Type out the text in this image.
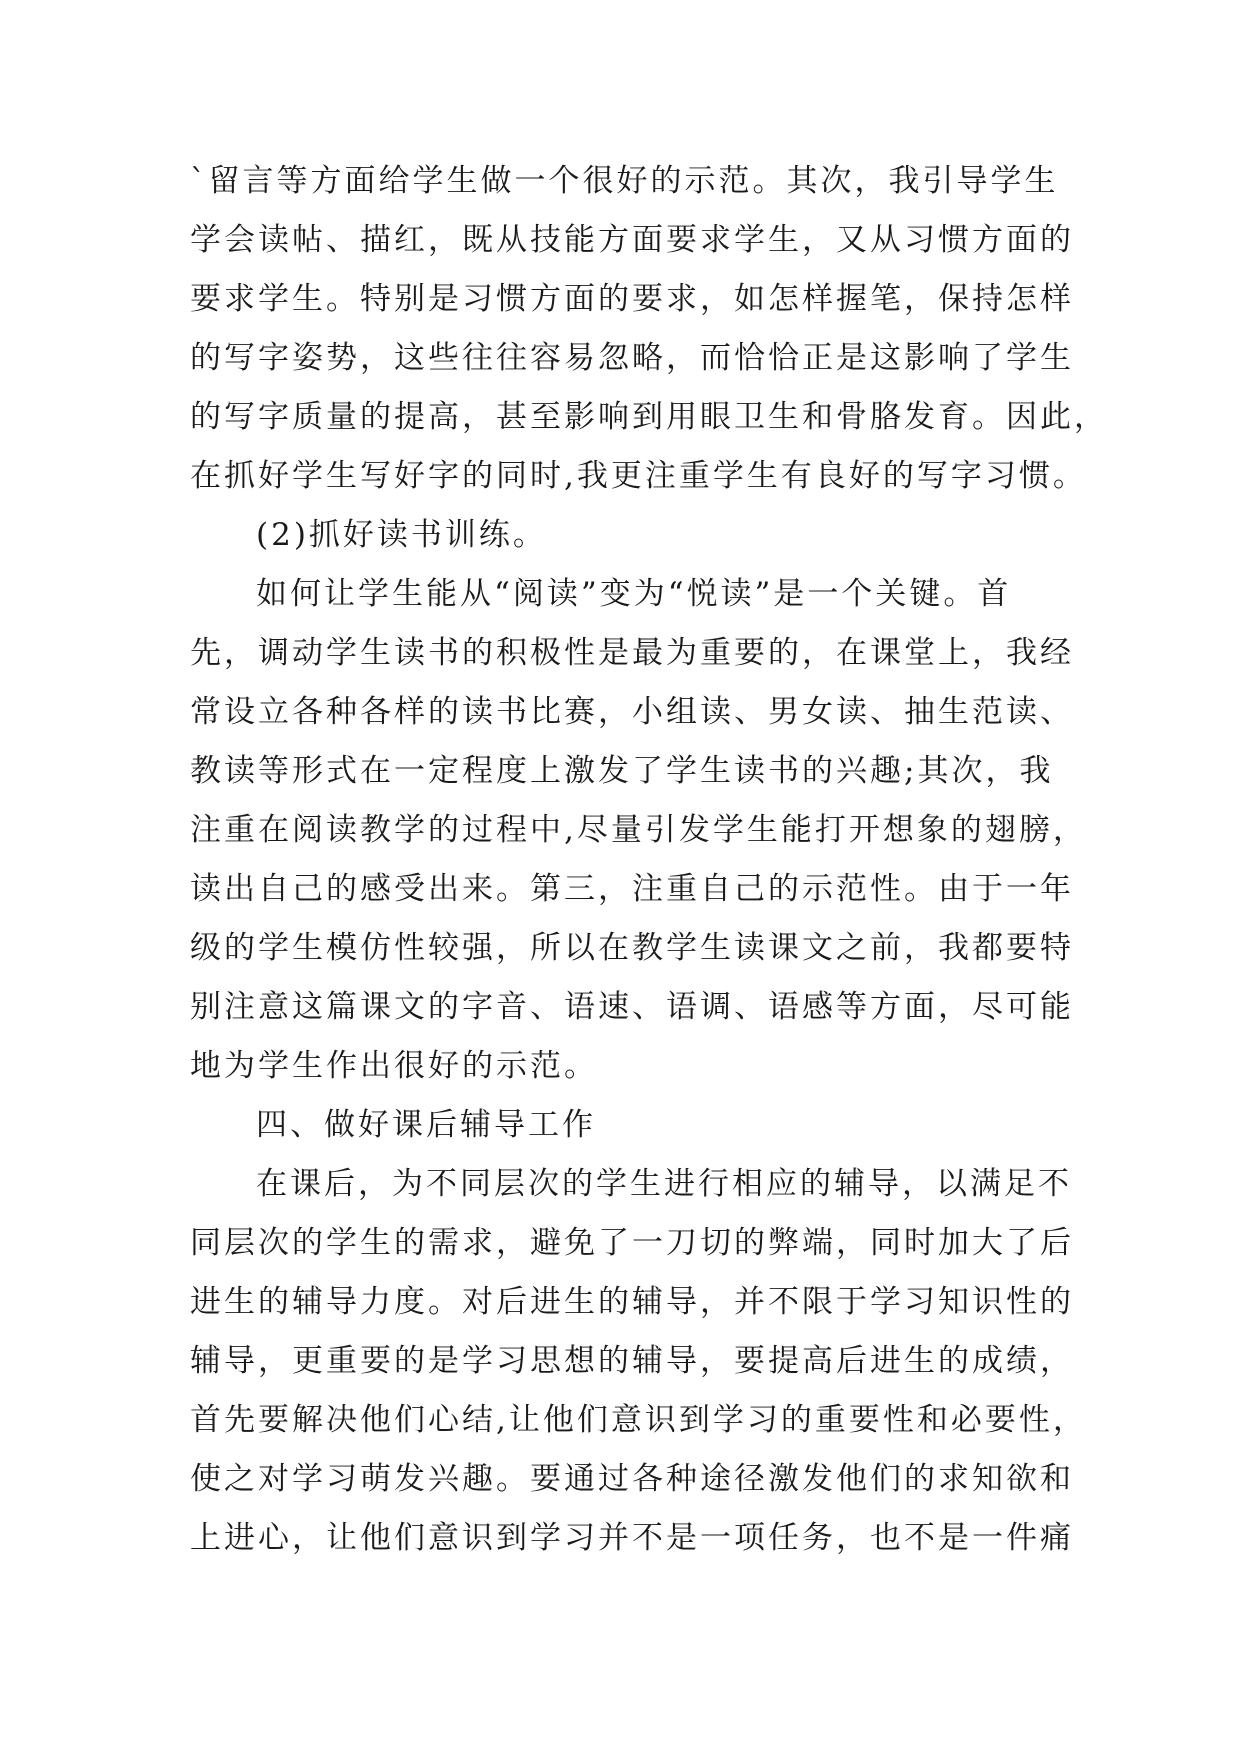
`留言等方面给学生做一个很好的示范。其次，我引导学生
学会读帖、描红，既从技能方面要求学生，又从习惯方面的
要求学生。特别是习惯方面的要求，如怎样握笔，保持怎样
的写字姿势，这些往往容易忽略，而恰恰正是这影响了学生
的写字质量的提高，甚至影响到用眼卫生和骨胳发育。因此，
在抓好学生写好字的同时,我更注重学生有良好的写字习惯。
(2)抓好读书训练。
如何让学生能从“阅读”变为“悦读”是一个关键。首
先，调动学生读书的积极性是最为重要的，在课堂上，我经
常设立各种各样的读书比赛，小组读、男女读、抽生范读、
教读等形式在一定程度上激发了学生读书的兴趣;其次，我
注重在阅读教学的过程中,尽量引发学生能打开想象的翅膀，
读出自己的感受出来。第三，注重自己的示范性。由于一年
级的学生模仿性较强，所以在教学生读课文之前，我都要特
别注意这篇课文的字音、语速、语调、语感等方面，尽可能
地为学生作出很好的示范。
四、做好课后辅导工作
在课后，为不同层次的学生进行相应的辅导，以满足不
同层次的学生的需求，避免了一刀切的弊端，同时加大了后
进生的辅导力度。对后进生的辅导，并不限于学习知识性的
辅导，更重要的是学习思想的辅导，要提高后进生的成绩，
首先要解决他们心结,让他们意识到学习的重要性和必要性，
使之对学习萌发兴趣。要通过各种途径激发他们的求知欲和
上进心，让他们意识到学习并不是一项任务，也不是一件痛
